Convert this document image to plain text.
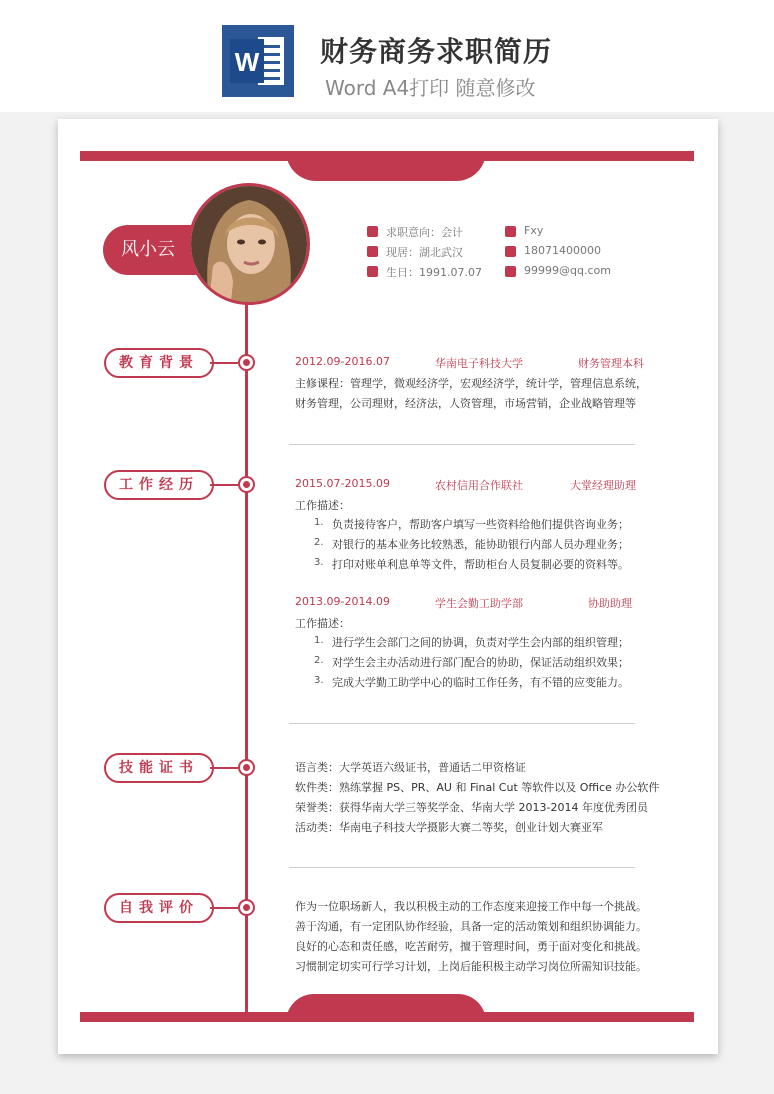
W 财务商务求职简历
Word A4打印 随意修改
风小云
求职意向：会计
现居：湖北武汉
生日：1991.07.07
Fxy
18071400000
99999@qq.com
教育背景	2012.09-2016.07	华南电子科技大学	财务管理本科
主修课程：管理学，微观经济学，宏观经济学，统计学，管理信息系统，
财务管理，公司理财，经济法，人资管理，市场营销，企业战略管理等
工作经历	2015.07-2015.09	农村信用合作联社	大堂经理助理
工作描述：
1. 负责接待客户，帮助客户填写一些资料给他们提供咨询业务；
2. 对银行的基本业务比较熟悉，能协助银行内部人员办理业务；
3. 打印对账单利息单等文件，帮助柜台人员复制必要的资料等。
2013.09-2014.09	学生会勤工助学部	协助助理
工作描述：
1. 进行学生会部门之间的协调，负责对学生会内部的组织管理；
2. 对学生会主办活动进行部门配合的协助，保证活动组织效果；
3. 完成大学勤工助学中心的临时工作任务，有不错的应变能力。
技能证书	语言类：大学英语六级证书，普通话二甲资格证
软件类：熟练掌握 PS、PR、AU 和 Final Cut 等软件以及 Office 办公软件
荣誉类：获得华南大学三等奖学金、华南大学 2013-2014 年度优秀团员
活动类：华南电子科技大学摄影大赛二等奖，创业计划大赛亚军
自我评价	作为一位职场新人，我以积极主动的工作态度来迎接工作中每一个挑战。
善于沟通，有一定团队协作经验，具备一定的活动策划和组织协调能力。
良好的心态和责任感，吃苦耐劳，擅于管理时间，勇于面对变化和挑战。
习惯制定切实可行学习计划，上岗后能积极主动学习岗位所需知识技能。
